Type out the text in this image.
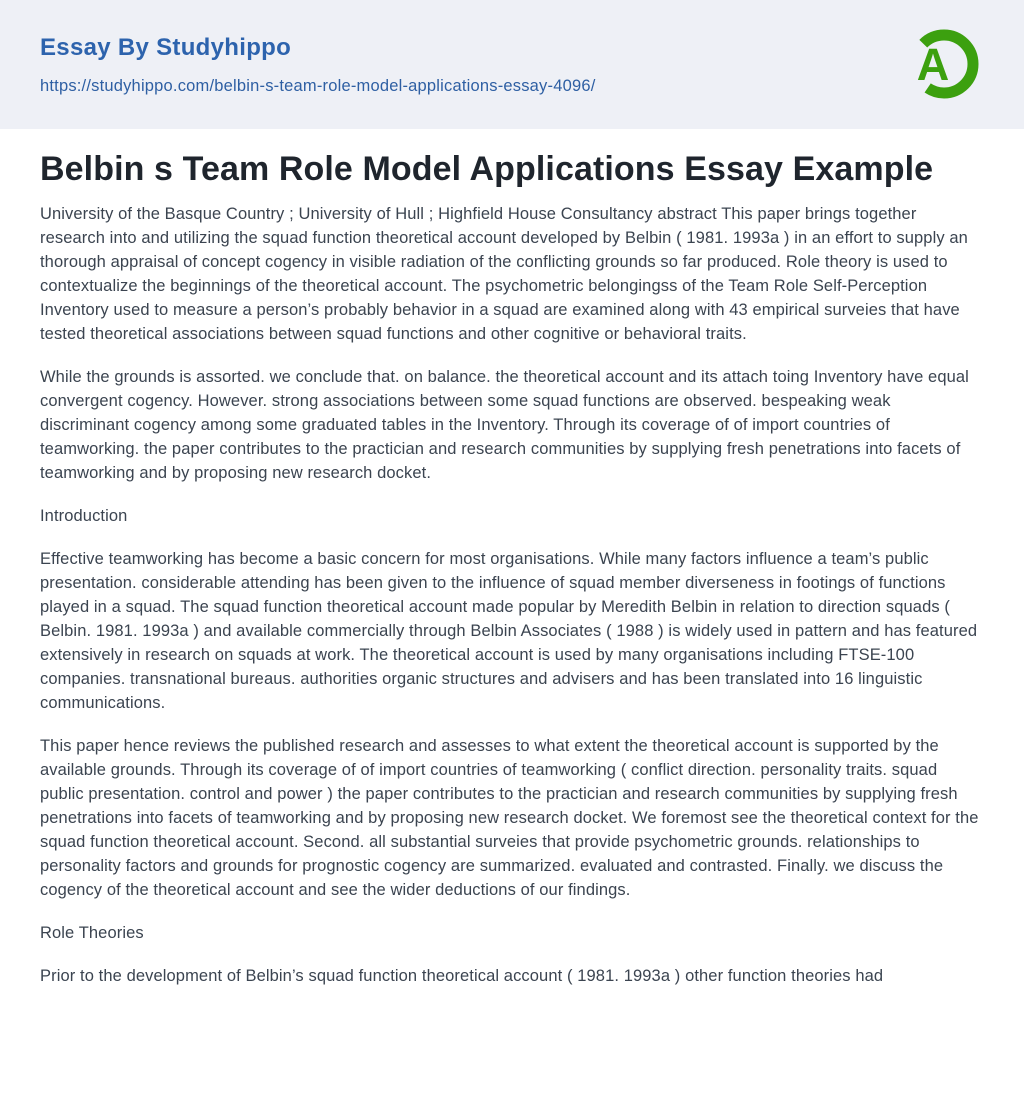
Essay By Studyhippo
https://studyhippo.com/belbin-s-team-role-model-applications-essay-4096/	A
Belbin s Team Role Model Applications Essay Example

University of the Basque Country ; University of Hull ; Highfield House Consultancy abstract This paper brings together research into and utilizing the squad function theoretical account developed by Belbin ( 1981. 1993a ) in an effort to supply an thorough appraisal of concept cogency in visible radiation of the conflicting grounds so far produced. Role theory is used to contextualize the beginnings of the theoretical account. The psychometric belongingss of the Team Role Self-Perception Inventory used to measure a person’s probably behavior in a squad are examined along with 43 empirical surveies that have tested theoretical associations between squad functions and other cognitive or behavioral traits.

While the grounds is assorted. we conclude that. on balance. the theoretical account and its attach toing Inventory have equal convergent cogency. However. strong associations between some squad functions are observed. bespeaking weak discriminant cogency among some graduated tables in the Inventory. Through its coverage of of import countries of teamworking. the paper contributes to the practician and research communities by supplying fresh penetrations into facets of teamworking and by proposing new research docket.

Introduction

Effective teamworking has become a basic concern for most organisations. While many factors influence a team’s public presentation. considerable attending has been given to the influence of squad member diverseness in footings of functions played in a squad. The squad function theoretical account made popular by Meredith Belbin in relation to direction squads ( Belbin. 1981. 1993a ) and available commercially through Belbin Associates ( 1988 ) is widely used in pattern and has featured extensively in research on squads at work. The theoretical account is used by many organisations including FTSE-100 companies. transnational bureaus. authorities organic structures and advisers and has been translated into 16 linguistic communications.

This paper hence reviews the published research and assesses to what extent the theoretical account is supported by the available grounds. Through its coverage of of import countries of teamworking ( conflict direction. personality traits. squad public presentation. control and power ) the paper contributes to the practician and research communities by supplying fresh penetrations into facets of teamworking and by proposing new research docket. We foremost see the theoretical context for the squad function theoretical account. Second. all substantial surveies that provide psychometric grounds. relationships to personality factors and grounds for prognostic cogency are summarized. evaluated and contrasted. Finally. we discuss the cogency of the theoretical account and see the wider deductions of our findings.

Role Theories

Prior to the development of Belbin’s squad function theoretical account ( 1981. 1993a ) other function theories had
